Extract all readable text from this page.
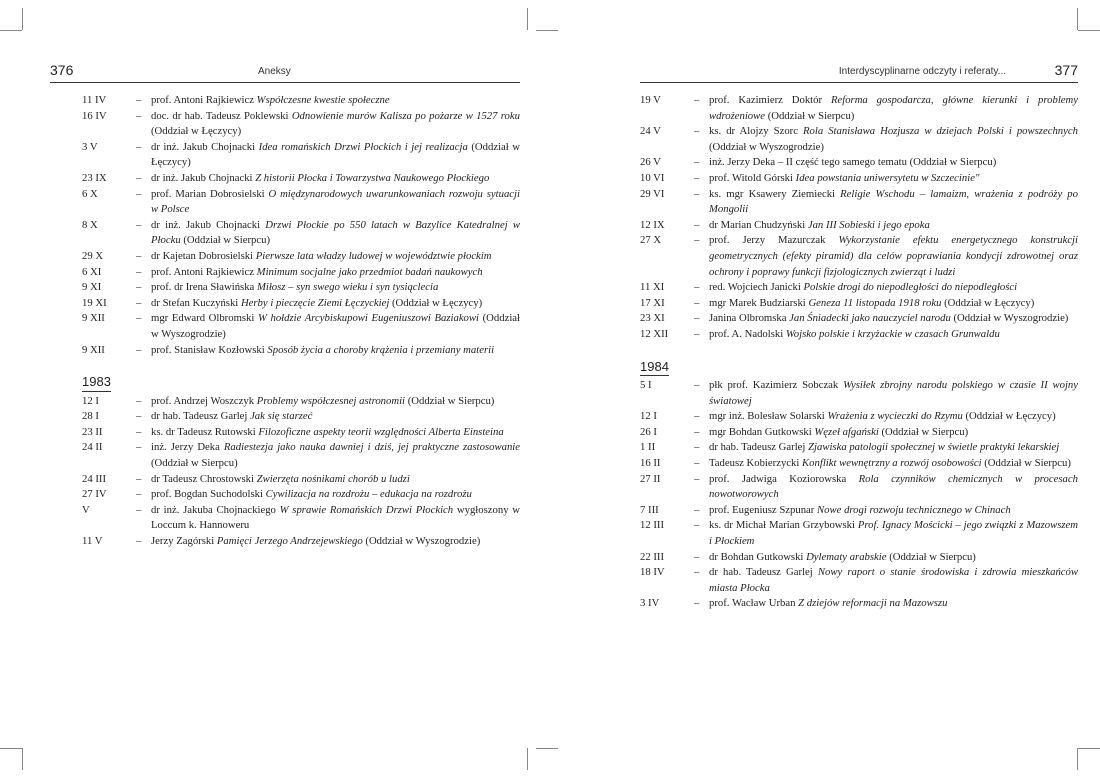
376	Aneksy
11 IV	– prof. Antoni Rajkiewicz Współczesne kwestie społeczne
16 IV	– doc. dr hab. Tadeusz Poklewski Odnowienie murów Kalisza po pożarze w 1527 roku (Oddział w Łęczycy)
3 V	– dr inż. Jakub Chojnacki Idea romańskich Drzwi Płockich i jej realizacja (Oddział w Łęczycy)
23 IX	– dr inż. Jakub Chojnacki Z historii Płocka i Towarzystwa Naukowego Płockiego
6 X	– prof. Marian Dobrosielski O międzynarodowych uwarunkowaniach rozwoju sytuacji w Polsce
8 X	– dr inż. Jakub Chojnacki Drzwi Płockie po 550 latach w Bazylice Katedralnej w Płocku (Oddział w Sierpcu)
29 X	– dr Kajetan Dobrosielski Pierwsze lata władzy ludowej w województwie płockim
6 XI	– prof. Antoni Rajkiewicz Minimum socjalne jako przedmiot badań naukowych
9 XI	– prof. dr Irena Sławińska Miłosz – syn swego wieku i syn tysiąclecia
19 XI	– dr Stefan Kuczyński Herby i pieczęcie Ziemi Łęczyckiej (Oddział w Łęczycy)
9 XII	– mgr Edward Olbromski W hołdzie Arcybiskupowi Eugeniuszowi Baziakowi (Oddział w Wyszogrodzie)
9 XII	– prof. Stanisław Kozłowski Sposób życia a choroby krążenia i przemiany materii
1983
12 I	– prof. Andrzej Woszczyk Problemy współczesnej astronomii (Oddział w Sierpcu)
28 I	– dr hab. Tadeusz Garlej Jak się starzeć
23 II	– ks. dr Tadeusz Rutowski Filozoficzne aspekty teorii względności Alberta Einsteina
24 II	– inż. Jerzy Deka Radiestezja jako nauka dawniej i dziś, jej praktyczne zastosowanie (Oddział w Sierpcu)
24 III	– dr Tadeusz Chrostowski Zwierzęta nośnikami chorób u ludzi
27 IV	– prof. Bogdan Suchodolski Cywilizacja na rozdrożu – edukacja na rozdrożu
V	– dr inż. Jakuba Chojnackiego W sprawie Romańskich Drzwi Płockich wygłoszony w Loccum k. Hannoweru
11 V	– Jerzy Zagórski Pamięci Jerzego Andrzejewskiego (Oddział w Wyszogrodzie)
Interdyscyplinarne odczyty i referaty...	377
19 V	– prof. Kazimierz Doktór Reforma gospodarcza, główne kierunki i problemy wdrożeniowe (Oddział w Sierpcu)
24 V	– ks. dr Alojzy Szorc Rola Stanisława Hozjusza w dziejach Polski i powszechnych (Oddział w Wyszogrodzie)
26 V	– inż. Jerzy Deka – II część tego samego tematu (Oddział w Sierpcu)
10 VI	– prof. Witold Górski Idea powstania uniwersytetu w Szczecinie"
29 VI	– ks. mgr Ksawery Ziemiecki Religie Wschodu – lamaizm, wrażenia z podróży po Mongolii
12 IX	– dr Marian Chudzyński Jan III Sobieski i jego epoka
27 X	– prof. Jerzy Mazurczak Wykorzystanie efektu energetycznego konstrukcji geometrycznych (efekty piramid) dla celów poprawiania kondycji zdrowotnej oraz ochrony i poprawy funkcji fizjologicznych zwierząt i ludzi
11 XI	– red. Wojciech Janicki Polskie drogi do niepodległości do niepodległości
17 XI	– mgr Marek Budziarski Geneza 11 listopada 1918 roku (Oddział w Łęczycy)
23 XI	– Janina Olbromska Jan Śniadecki jako nauczyciel narodu (Oddział w Wyszogrodzie)
12 XII	– prof. A. Nadolski Wojsko polskie i krzyżackie w czasach Grunwaldu
1984
5 I	– płk prof. Kazimierz Sobczak Wysiłek zbrojny narodu polskiego w czasie II wojny światowej
12 I	– mgr inż. Bolesław Solarski Wrażenia z wycieczki do Rzymu (Oddział w Łęczycy)
26 I	– mgr Bohdan Gutkowski Węzeł afgański (Oddział w Sierpcu)
1 II	– dr hab. Tadeusz Garlej Zjawiska patologii społecznej w świetle praktyki lekarskiej
16 II	– Tadeusz Kobierzycki Konflikt wewnętrzny a rozwój osobowości (Oddział w Sierpcu)
27 II	– prof. Jadwiga Koziorowska Rola czynników chemicznych w procesach nowotworowych
7 III	– prof. Eugeniusz Szpunar Nowe drogi rozwoju technicznego w Chinach
12 III	– ks. dr Michał Marian Grzybowski Prof. Ignacy Mościcki – jego związki z Mazowszem i Płockiem
22 III	– dr Bohdan Gutkowski Dylematy arabskie (Oddział w Sierpcu)
18 IV	– dr hab. Tadeusz Garlej Nowy raport o stanie środowiska i zdrowia mieszkańców miasta Płocka
3 IV	– prof. Wacław Urban Z dziejów reformacji na Mazowszu
